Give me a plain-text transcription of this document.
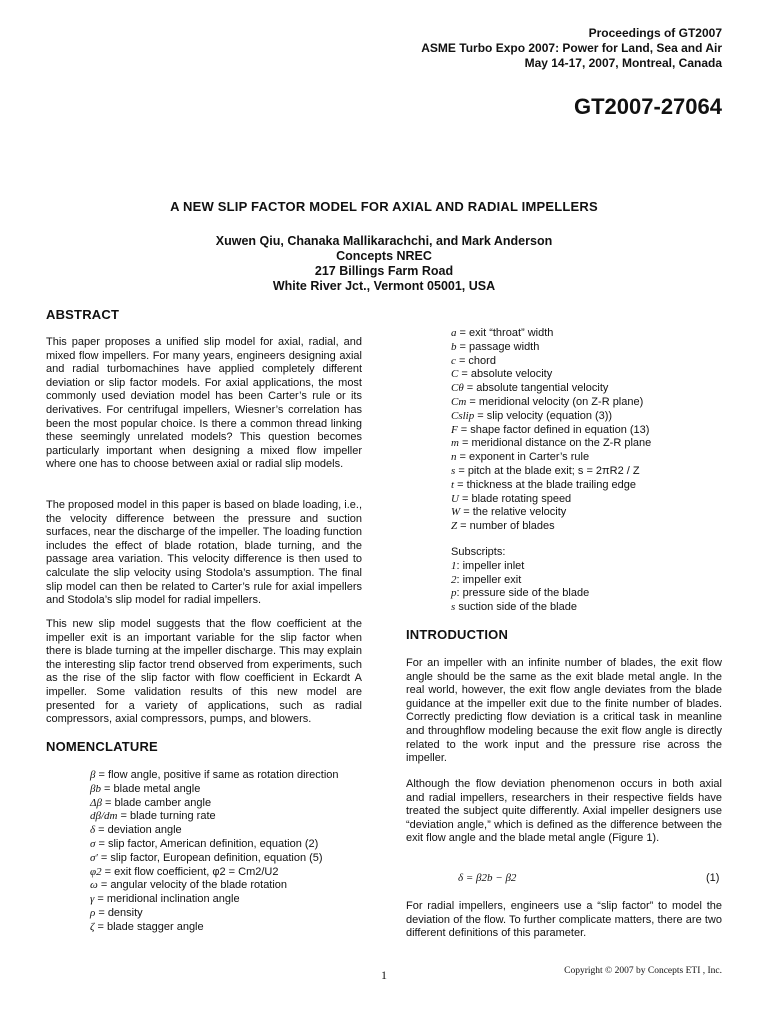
Proceedings of GT2007
ASME Turbo Expo 2007: Power for Land, Sea and Air
May 14-17, 2007, Montreal, Canada
GT2007-27064
A NEW SLIP FACTOR MODEL FOR AXIAL AND RADIAL IMPELLERS
Xuwen Qiu, Chanaka Mallikarachchi, and Mark Anderson
Concepts NREC
217 Billings Farm Road
White River Jct., Vermont 05001, USA
ABSTRACT
This paper proposes a unified slip model for axial, radial, and mixed flow impellers. For many years, engineers designing axial and radial turbomachines have applied completely different deviation or slip factor models. For axial applications, the most commonly used deviation model has been Carter’s rule or its derivatives. For centrifugal impellers, Wiesner’s correlation has been the most popular choice. Is there a common thread linking these seemingly unrelated models? This question becomes particularly important when designing a mixed flow impeller where one has to choose between axial or radial slip models.
The proposed model in this paper is based on blade loading, i.e., the velocity difference between the pressure and suction surfaces, near the discharge of the impeller. The loading function includes the effect of blade rotation, blade turning, and the passage area variation. This velocity difference is then used to calculate the slip velocity using Stodola’s assumption. The final slip model can then be related to Carter’s rule for axial impellers and Stodola’s slip model for radial impellers.
This new slip model suggests that the flow coefficient at the impeller exit is an important variable for the slip factor when there is blade turning at the impeller discharge. This may explain the interesting slip factor trend observed from experiments, such as the rise of the slip factor with flow coefficient in Eckardt A impeller. Some validation results of this new model are presented for a variety of applications, such as radial compressors, axial compressors, pumps, and blowers.
NOMENCLATURE
β = flow angle, positive if same as rotation direction
βb = blade metal angle
Δβ = blade camber angle
dβ/dm = blade turning rate
δ = deviation angle
σ = slip factor, American definition, equation (2)
σ′ = slip factor, European definition, equation (5)
φ2 = exit flow coefficient, φ2 = Cm2/U2
ω = angular velocity of the blade rotation
γ = meridional inclination angle
ρ = density
ζ = blade stagger angle
a = exit “throat” width
b = passage width
c = chord
C = absolute velocity
Cθ = absolute tangential velocity
Cm = meridional velocity (on Z-R plane)
Cslip = slip velocity (equation (3))
F = shape factor defined in equation (13)
m = meridional distance on the Z-R plane
n = exponent in Carter’s rule
s = pitch at the blade exit; s = 2πR2 / Z
t = thickness at the blade trailing edge
U = blade rotating speed
W = the relative velocity
Z = number of blades
Subscripts:
1: impeller inlet
2: impeller exit
p: pressure side of the blade
s suction side of the blade
INTRODUCTION
For an impeller with an infinite number of blades, the exit flow angle should be the same as the exit blade metal angle. In the real world, however, the exit flow angle deviates from the blade guidance at the impeller exit due to the finite number of blades. Correctly predicting flow deviation is a critical task in meanline and throughflow modeling because the exit flow angle is directly related to the work input and the pressure rise across the impeller.
Although the flow deviation phenomenon occurs in both axial and radial impellers, researchers in their respective fields have treated the subject quite differently. Axial impeller designers use “deviation angle,” which is defined as the difference between the exit flow angle and the blade metal angle (Figure 1).
δ = β2b − β2	(1)
For radial impellers, engineers use a “slip factor” to model the deviation of the flow. To further complicate matters, there are two different definitions of this parameter.
1	Copyright © 2007 by Concepts ETI , Inc.
